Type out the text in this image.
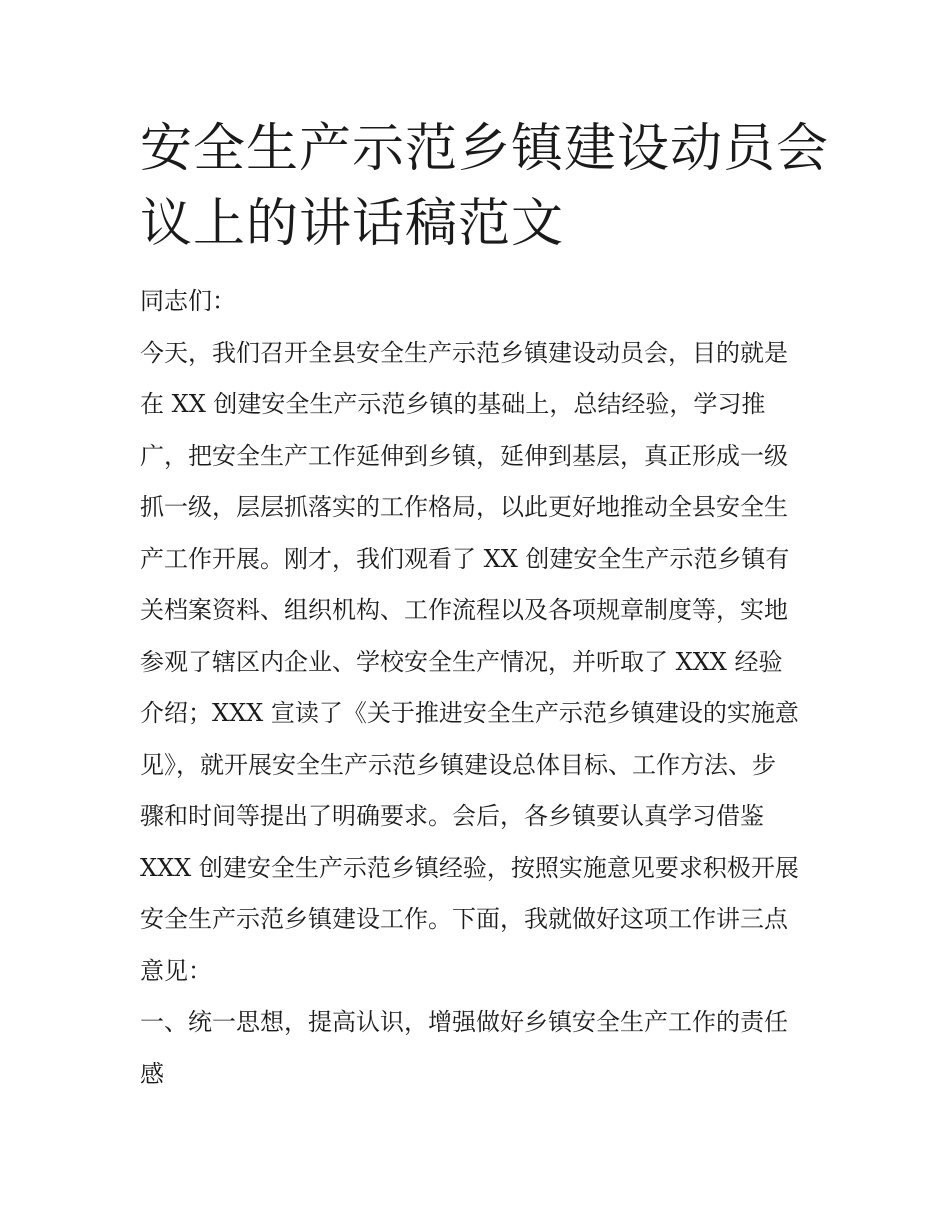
安全生产示范乡镇建设动员会
议上的讲话稿范文
同志们：
今天，我们召开全县安全生产示范乡镇建设动员会，目的就是
在 XX 创建安全生产示范乡镇的基础上，总结经验，学习推
广，把安全生产工作延伸到乡镇，延伸到基层，真正形成一级
抓一级，层层抓落实的工作格局，以此更好地推动全县安全生
产工作开展。刚才，我们观看了 XX 创建安全生产示范乡镇有
关档案资料、组织机构、工作流程以及各项规章制度等，实地
参观了辖区内企业、学校安全生产情况，并听取了 XXX 经验
介绍；XXX 宣读了《关于推进安全生产示范乡镇建设的实施意
见》，就开展安全生产示范乡镇建设总体目标、工作方法、步
骤和时间等提出了明确要求。会后，各乡镇要认真学习借鉴
XXX 创建安全生产示范乡镇经验，按照实施意见要求积极开展
安全生产示范乡镇建设工作。下面，我就做好这项工作讲三点
意见：
一、统一思想，提高认识，增强做好乡镇安全生产工作的责任
感
